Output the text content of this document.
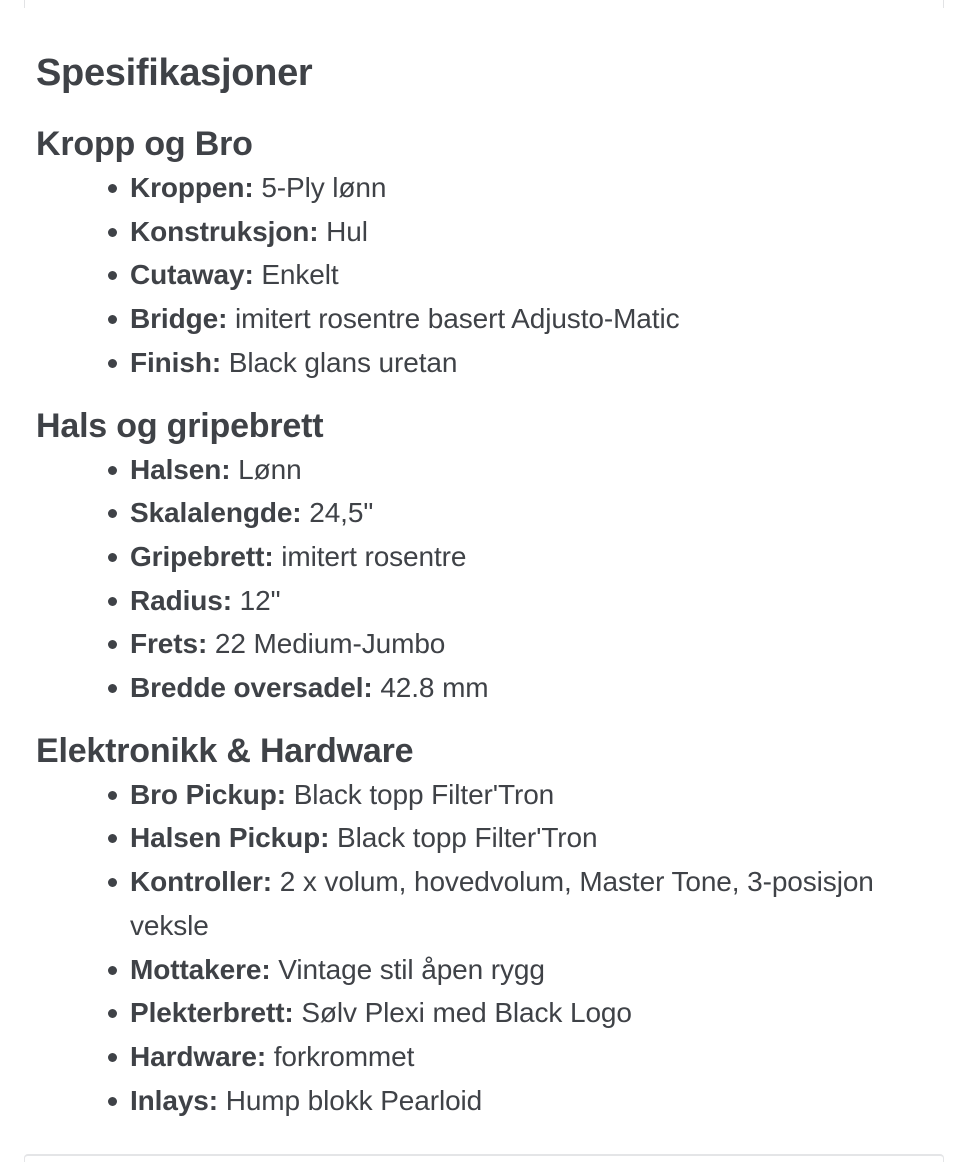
Spesifikasjoner
Kropp og Bro
Kroppen: 5-Ply lønn
Konstruksjon: Hul
Cutaway: Enkelt
Bridge: imitert rosentre basert Adjusto-Matic
Finish: Black glans uretan
Hals og gripebrett
Halsen: Lønn
Skalalengde: 24,5"
Gripebrett: imitert rosentre
Radius: 12"
Frets: 22 Medium-Jumbo
Bredde oversadel: 42.8 mm
Elektronikk & Hardware
Bro Pickup: Black topp Filter'Tron
Halsen Pickup: Black topp Filter'Tron
Kontroller: 2 x volum, hovedvolum, Master Tone, 3-posisjon veksle
Mottakere: Vintage stil åpen rygg
Plekterbrett: Sølv Plexi med Black Logo
Hardware: forkrommet
Inlays: Hump blokk Pearloid
